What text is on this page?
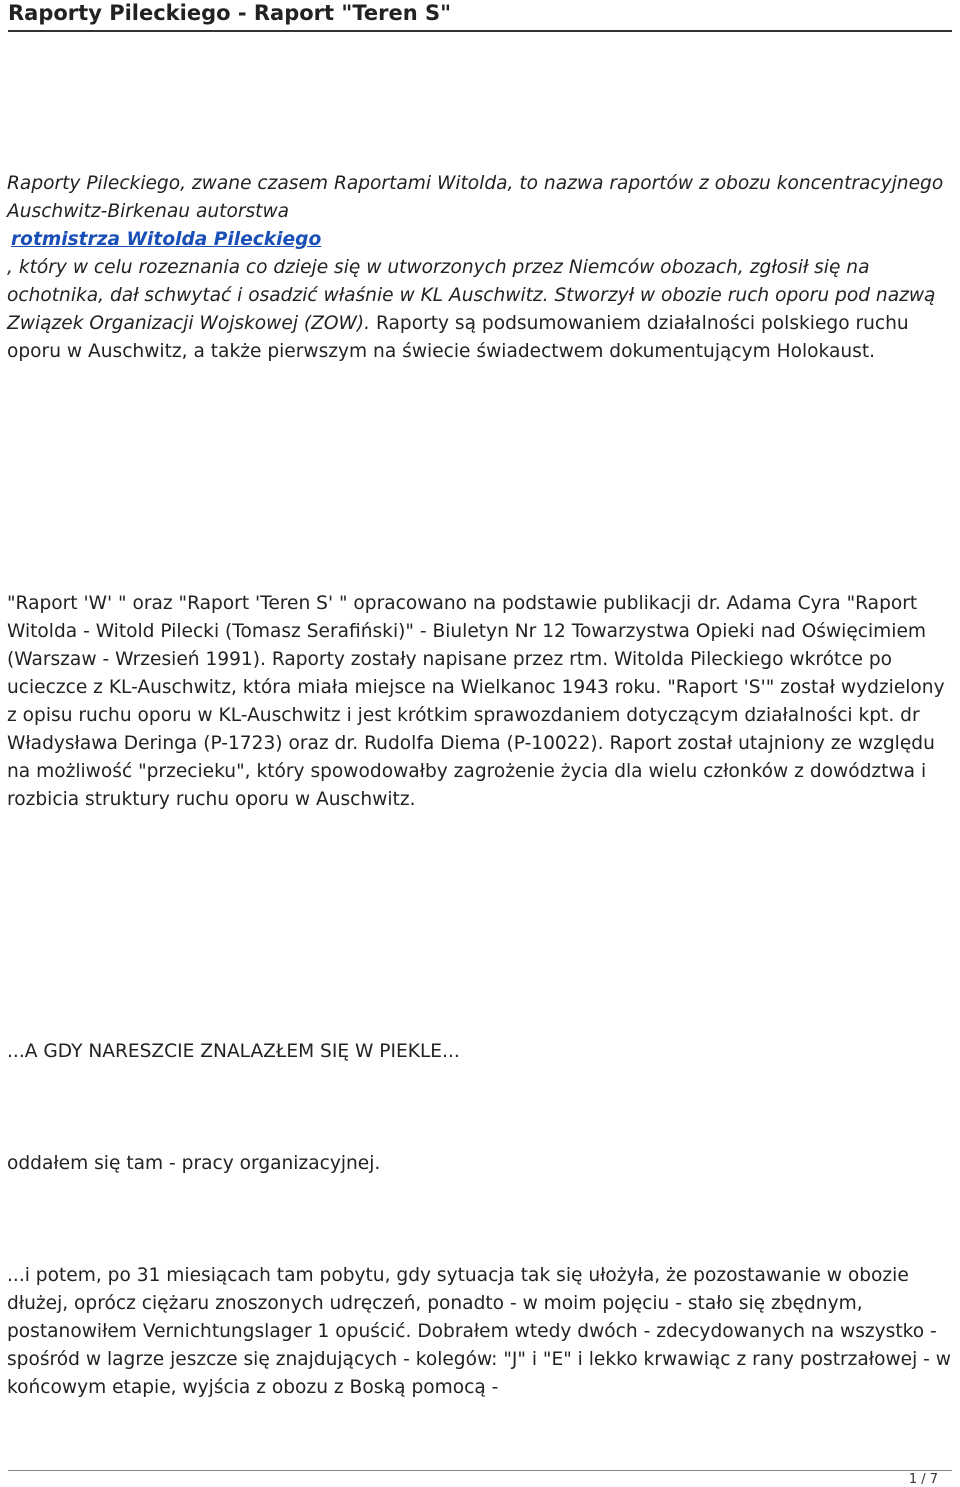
Raporty Pileckiego - Raport "Teren S"
Raporty Pileckiego, zwane czasem Raportami Witolda, to nazwa raportów z obozu koncentracyjnego Auschwitz-Birkenau autorstwa
rotmistrza Witolda Pileckiego
, który w celu rozeznania co dzieje się w utworzonych przez Niemców obozach, zgłosił się na ochotnika, dał schwytać i osadzić właśnie w KL Auschwitz. Stworzył w obozie ruch oporu pod nazwą Związek Organizacji Wojskowej (ZOW). Raporty są podsumowaniem działalności polskiego ruchu oporu w Auschwitz, a także pierwszym na świecie świadectwem dokumentującym Holokaust.
"Raport 'W' " oraz "Raport 'Teren S' " opracowano na podstawie publikacji dr. Adama Cyra "Raport Witolda - Witold Pilecki (Tomasz Serafiński)" - Biuletyn Nr 12 Towarzystwa Opieki nad Oświęcimiem (Warszaw - Wrzesień 1991). Raporty zostały napisane przez rtm. Witolda Pileckiego wkrótce po ucieczce z KL-Auschwitz, która miała miejsce na Wielkanoc 1943 roku. "Raport 'S'" został wydzielony z opisu ruchu oporu w KL-Auschwitz i jest krótkim sprawozdaniem dotyczącym działalności kpt. dr Władysława Deringa (P-1723) oraz dr. Rudolfa Diema (P-10022). Raport został utajniony ze względu na możliwość "przecieku", który spowodowałby zagrożenie życia dla wielu członków z dowództwa i rozbicia struktury ruchu oporu w Auschwitz.
...A GDY NARESZCIE ZNALAZŁEM SIĘ W PIEKLE...
oddałem się tam - pracy organizacyjnej.
...i potem, po 31 miesiącach tam pobytu, gdy sytuacja tak się ułożyła, że pozostawanie w obozie dłużej, oprócz ciężaru znoszonych udręczeń, ponadto - w moim pojęciu - stało się zbędnym, postanowiłem Vernichtungslager 1 opuścić. Dobrałem wtedy dwóch - zdecydowanych na wszystko - spośród w lagrze jeszcze się znajdujących - kolegów: "J" i "E" i lekko krwawiąc z rany postrzałowej - w końcowym etapie, wyjścia z obozu z Boską pomocą -
1 / 7
